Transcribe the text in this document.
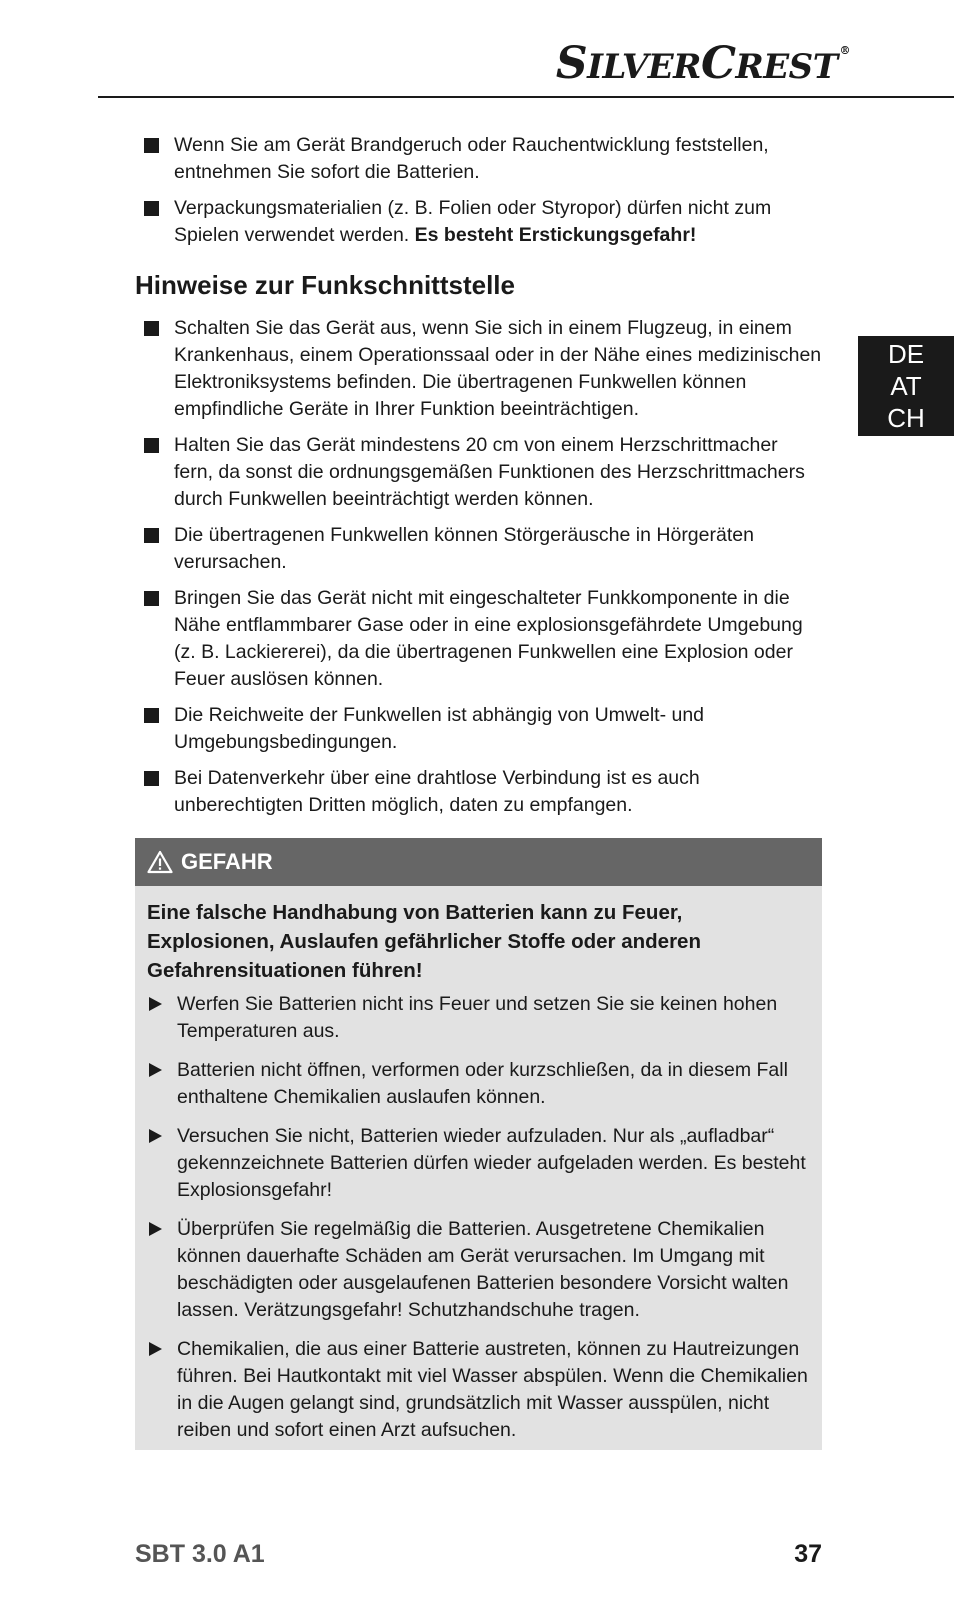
SILVERCREST ®
DE
AT
CH
Wenn Sie am Gerät Brandgeruch oder Rauchentwicklung feststellen, entnehmen Sie sofort die Batterien.
Verpackungsmaterialien (z. B. Folien oder Styropor) dürfen nicht zum Spielen verwendet werden. Es besteht Erstickungsgefahr!
Hinweise zur Funkschnittstelle
Schalten Sie das Gerät aus, wenn Sie sich in einem Flugzeug, in einem Krankenhaus, einem Operationssaal oder in der Nähe eines medizinischen Elektroniksystems befinden. Die übertragenen Funkwellen können empfindliche Geräte in Ihrer Funktion beeinträchtigen.
Halten Sie das Gerät mindestens 20 cm von einem Herzschrittmacher fern, da sonst die ordnungsgemäßen Funktionen des Herzschrittmachers durch Funkwellen beeinträchtigt werden können.
Die übertragenen Funkwellen können Störgeräusche in Hörgeräten verursachen.
Bringen Sie das Gerät nicht mit eingeschalteter Funkkomponente in die Nähe entflammbarer Gase oder in eine explosionsgefährdete Umgebung (z. B. Lackiererei), da die übertragenen Funkwellen eine Explosion oder Feuer auslösen können.
Die Reichweite der Funkwellen ist abhängig von Umwelt- und Umgebungsbedingungen.
Bei Datenverkehr über eine drahtlose Verbindung ist es auch unberechtigten Dritten möglich, daten zu empfangen.
GEFAHR
Eine falsche Handhabung von Batterien kann zu Feuer, Explosionen, Auslaufen gefährlicher Stoffe oder anderen Gefahrensituationen führen!
Werfen Sie Batterien nicht ins Feuer und setzen Sie sie keinen hohen Temperaturen aus.
Batterien nicht öffnen, verformen oder kurzschließen, da in diesem Fall enthaltene Chemikalien auslaufen können.
Versuchen Sie nicht, Batterien wieder aufzuladen. Nur als „aufladbar“ gekennzeichnete Batterien dürfen wieder aufgeladen werden. Es besteht Explosionsgefahr!
Überprüfen Sie regelmäßig die Batterien. Ausgetretene Chemikalien können dauerhafte Schäden am Gerät verursachen. Im Umgang mit beschädigten oder ausgelaufenen Batterien besondere Vorsicht walten lassen. Verätzungsgefahr! Schutzhandschuhe tragen.
Chemikalien, die aus einer Batterie austreten, können zu Hautreizungen führen. Bei Hautkontakt mit viel Wasser abspülen. Wenn die Chemikalien in die Augen gelangt sind, grundsätzlich mit Wasser ausspülen, nicht reiben und sofort einen Arzt aufsuchen.
SBT 3.0 A1	37
